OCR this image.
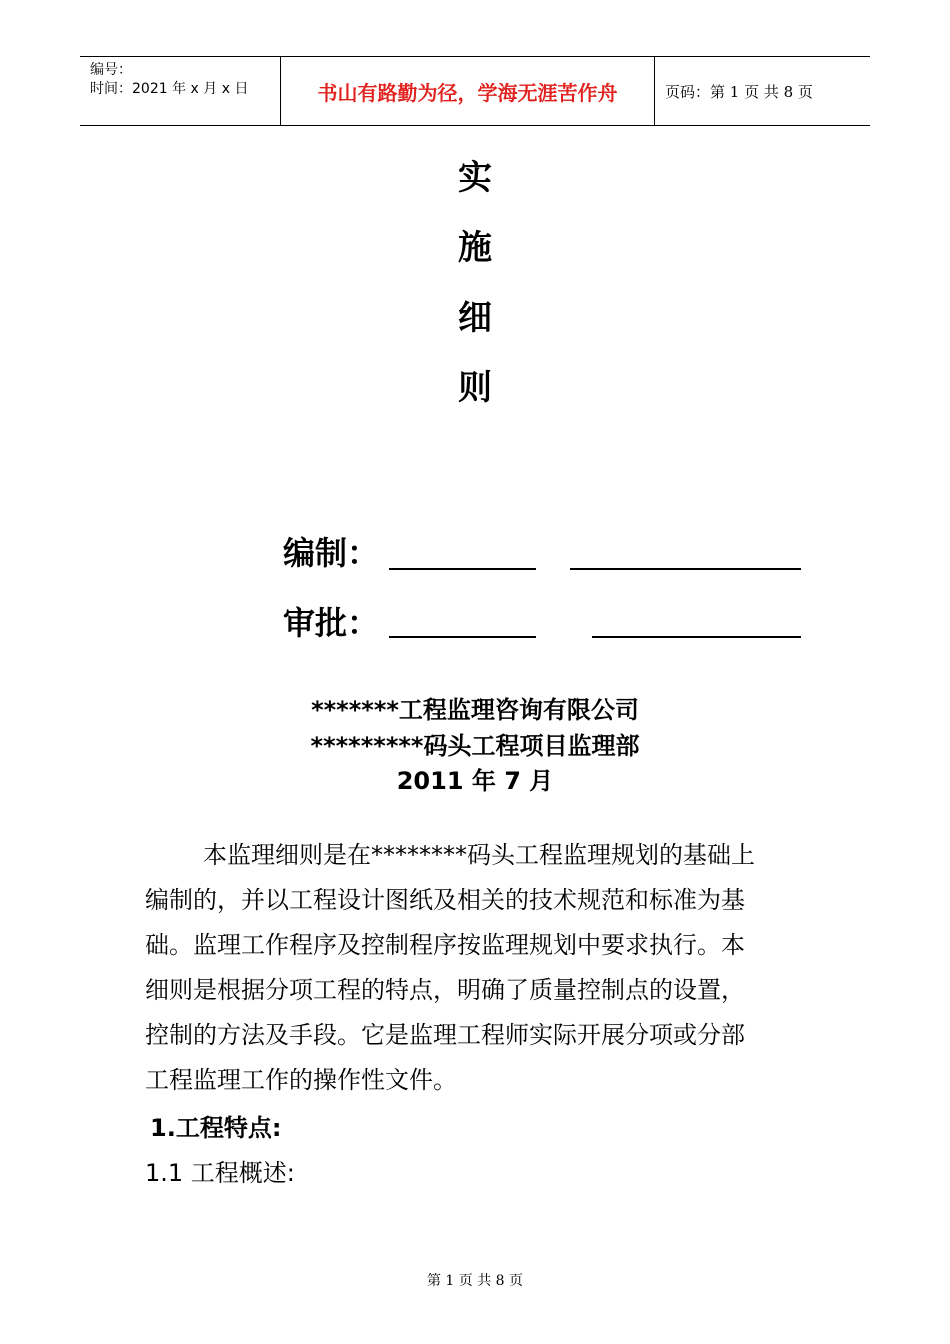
编号：
时间：2021 年 x 月 x 日	书山有路勤为径，学海无涯苦作舟	页码：第 1 页 共 8 页
实
施
细
则
编制：
审批：
*******工程监理咨询有限公司
*********码头工程项目监理部
2011 年 7 月

本监理细则是在********码头工程监理规划的基础上

编制的，并以工程设计图纸及相关的技术规范和标准为基

础。监理工作程序及控制程序按监理规划中要求执行。本

细则是根据分项工程的特点，明确了质量控制点的设置，

控制的方法及手段。它是监理工程师实际开展分项或分部

工程监理工作的操作性文件。

1.工程特点:
1.1 工程概述:
第 1 页 共 8 页
